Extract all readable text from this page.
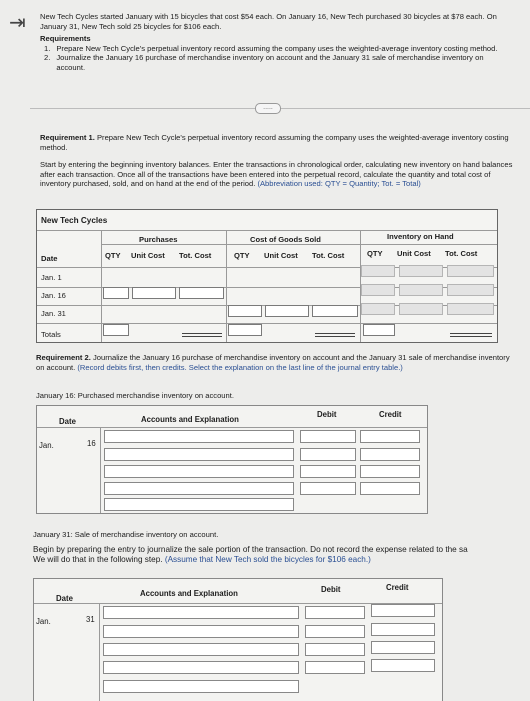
⇥ New Tech Cycles started January with 15 bicycles that cost $54 each. On January 16, New Tech purchased 30 bicycles at $78 each. On January 31, New Tech sold 25 bicycles for $106 each.

Requirements

1. Prepare New Tech Cycle's perpetual inventory record assuming the company uses the weighted-average inventory costing method.
2. Journalize the January 16 purchase of merchandise inventory on account and the January 31 sale of merchandise inventory on account.
.....

Requirement 1. Prepare New Tech Cycle's perpetual inventory record assuming the company uses the weighted-average inventory costing method.

Start by entering the beginning inventory balances. Enter the transactions in chronological order, calculating new inventory on hand balances after each transaction. Once all of the transactions have been entered into the perpetual record, calculate the quantity and total cost of inventory purchased, sold, and on hand at the end of the period. (Abbreviation used: QTY = Quantity; Tot. = Total)

New Tech Cycles
Purchases	Cost of Goods Sold	Inventory on Hand
Date	QTY Unit Cost Tot. Cost	QTY Unit Cost Tot. Cost	QTY Unit Cost Tot. Cost
Jan. 1
Jan. 16
Jan. 31
Totals

Requirement 2. Journalize the January 16 purchase of merchandise inventory on account and the January 31 sale of merchandise inventory on account. (Record debits first, then credits. Select the explanation on the last line of the journal entry table.)

January 16: Purchased merchandise inventory on account.
Date	Accounts and Explanation
Debit	Credit
Jan.	16
January 31: Sale of merchandise inventory on account.

Begin by preparing the entry to journalize the sale portion of the transaction. Do not record the expense related to the sa

We will do that in the following step. (Assume that New Tech sold the bicycles for $106 each.)

Date
Accounts and Explanation	Debit	Credit
Jan.	31
